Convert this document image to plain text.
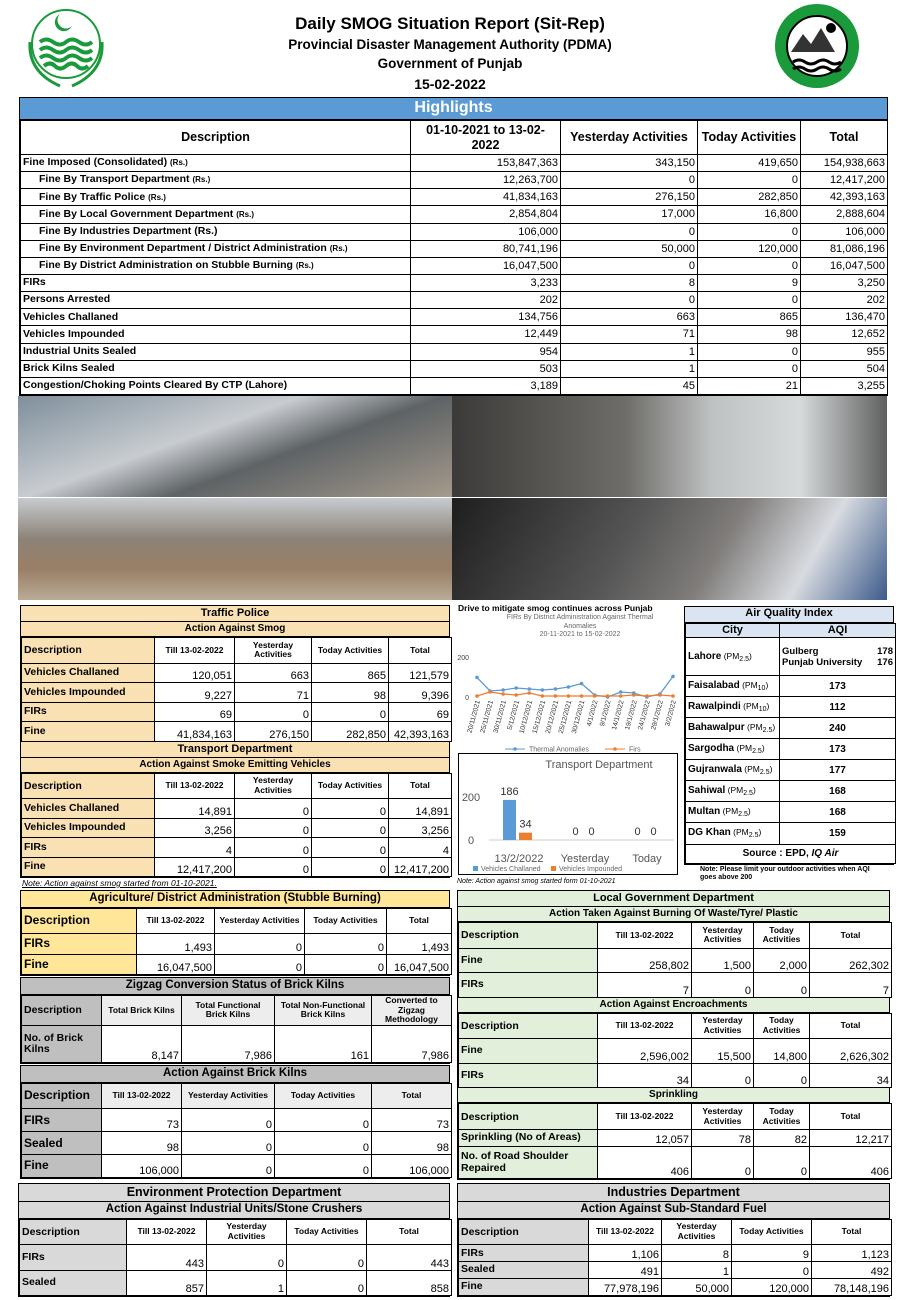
Daily SMOG Situation Report (Sit-Rep)
Provincial Disaster Management Authority (PDMA)
Government of Punjab
15-02-2022
Highlights
Description	01-10-2021 to 13-02-2022	Yesterday Activities	Today Activities	Total
Fine Imposed (Consolidated) (Rs.)	153,847,363	343,150	419,650	154,938,663
Fine By Transport Department (Rs.)	12,263,700	0	0	12,417,200
Fine By Traffic Police (Rs.)	41,834,163	276,150	282,850	42,393,163
Fine By Local Government Department (Rs.)	2,854,804	17,000	16,800	2,888,604
Fine By Industries Department (Rs.)	106,000	0	0	106,000
Fine By Environment Department / District Administration (Rs.)	80,741,196	50,000	120,000	81,086,196
Fine By District Administration on Stubble Burning (Rs.)	16,047,500	0	0	16,047,500
FIRs	3,233	8	9	3,250
Persons Arrested	202	0	0	202
Vehicles Challaned	134,756	663	865	136,470
Vehicles Impounded	12,449	71	98	12,652
Industrial Units Sealed	954	1	0	955
Brick Kilns Sealed	503	1	0	504
Congestion/Choking Points Cleared By CTP (Lahore)	3,189	45	21	3,255
Traffic Police
Action Against Smog
Description	Till 13-02-2022	Yesterday Activities	Today Activities	Total
Vehicles Challaned	120,051	663	865	121,579
Vehicles Impounded	9,227	71	98	9,396
FIRs	69	0	0	69
Fine	41,834,163	276,150	282,850	42,393,163
Transport Department
Action Against Smoke Emitting Vehicles
Description	Till 13-02-2022	Yesterday Activities	Today Activities	Total
Vehicles Challaned	14,891	0	0	14,891
Vehicles Impounded	3,256	0	0	3,256
FIRs	4	0	0	4
Fine	12,417,200	0	0	12,417,200
Note: Action against smog started from 01-10-2021.
Agriculture/ District Administration (Stubble Burning)
Description	Till 13-02-2022	Yesterday Activities	Today Activities	Total
FIRs	1,493	0	0	1,493
Fine	16,047,500	0	0	16,047,500
Zigzag Conversion Status of Brick Kilns
Description	Total Brick Kilns	Total Functional Brick Kilns	Total Non-Functional Brick Kilns	Converted to Zigzag Methodology
No. of Brick Kilns	8,147	7,986	161	7,986
Action Against Brick Kilns
Description	Till 13-02-2022	Yesterday Activities	Today Activities	Total
FIRs	73	0	0	73
Sealed	98	0	0	98
Fine	106,000	0	0	106,000
Environment Protection Department
Action Against Industrial Units/Stone Crushers
Description	Till 13-02-2022	Yesterday Activities	Today Activities	Total
FIRs	443	0	0	443
Sealed	857	1	0	858
Drive to mitigate smog continues across Punjab
FIRs By District Administration Against Thermal Anomalies
20-11-2021 to 15-02-2022
0
200
20/11/2021
25/11/2021
30/11/2021
5/12/2021
10/12/2021
15/12/2021
20/12/2021
25/12/2021
30/12/2021 4/1/2022 9/1/2022
14/1/2022
19/1/2022
24/1/2022
29/1/2022 3/2/2022
Thermal Anomalies	Firs
Transport Department
0
200 186
34
13/2/2022
0 0
Yesterday
0 0
Today
Vehicles Challaned	Vehicles Impounded
Note: Action against smog started form 01-10-2021
Air Quality Index
City	AQI
Lahore $(PM_{2.5})$	Gulberg 178
Punjab University 176

Faisalabad $(PM_{10})$	173
Rawalpindi $(PM_{10})$	112
Bahawalpur $(PM_{2.5})$	240
Sargodha $(PM_{2.5})$	173
Gujranwala $(PM_{2.5})$	177
Sahiwal $(PM_{2.5})$	168
Multan $(PM_{2.5})$	168
DG Khan $(PM_{2.5})$	159
Source : EPD, IQ Air	
Note: Please limit your outdoor activities when AQI goes above 200
Local Government Department
Action Taken Against Burning Of Waste/Tyre/ Plastic
Description	Till 13-02-2022	Yesterday Activities	Today Activities	Total
Fine	258,802	1,500	2,000	262,302
FIRs	7	0	0	7
Action Against Encroachments
Description	Till 13-02-2022	Yesterday Activities	Today Activities	Total
Fine	2,596,002	15,500	14,800	2,626,302
FIRs	34	0	0	34
Sprinkling
Description	Till 13-02-2022	Yesterday Activities	Today Activities	Total
Sprinkling (No of Areas)	12,057	78	82	12,217
No. of Road Shoulder Repaired	406	0	0	406
Industries Department
Action Against Sub-Standard Fuel
Description	Till 13-02-2022	Yesterday Activities	Today Activities	Total
FIRs	1,106	8	9	1,123
Sealed	491	1	0	492
Fine	77,978,196	50,000	120,000	78,148,196
